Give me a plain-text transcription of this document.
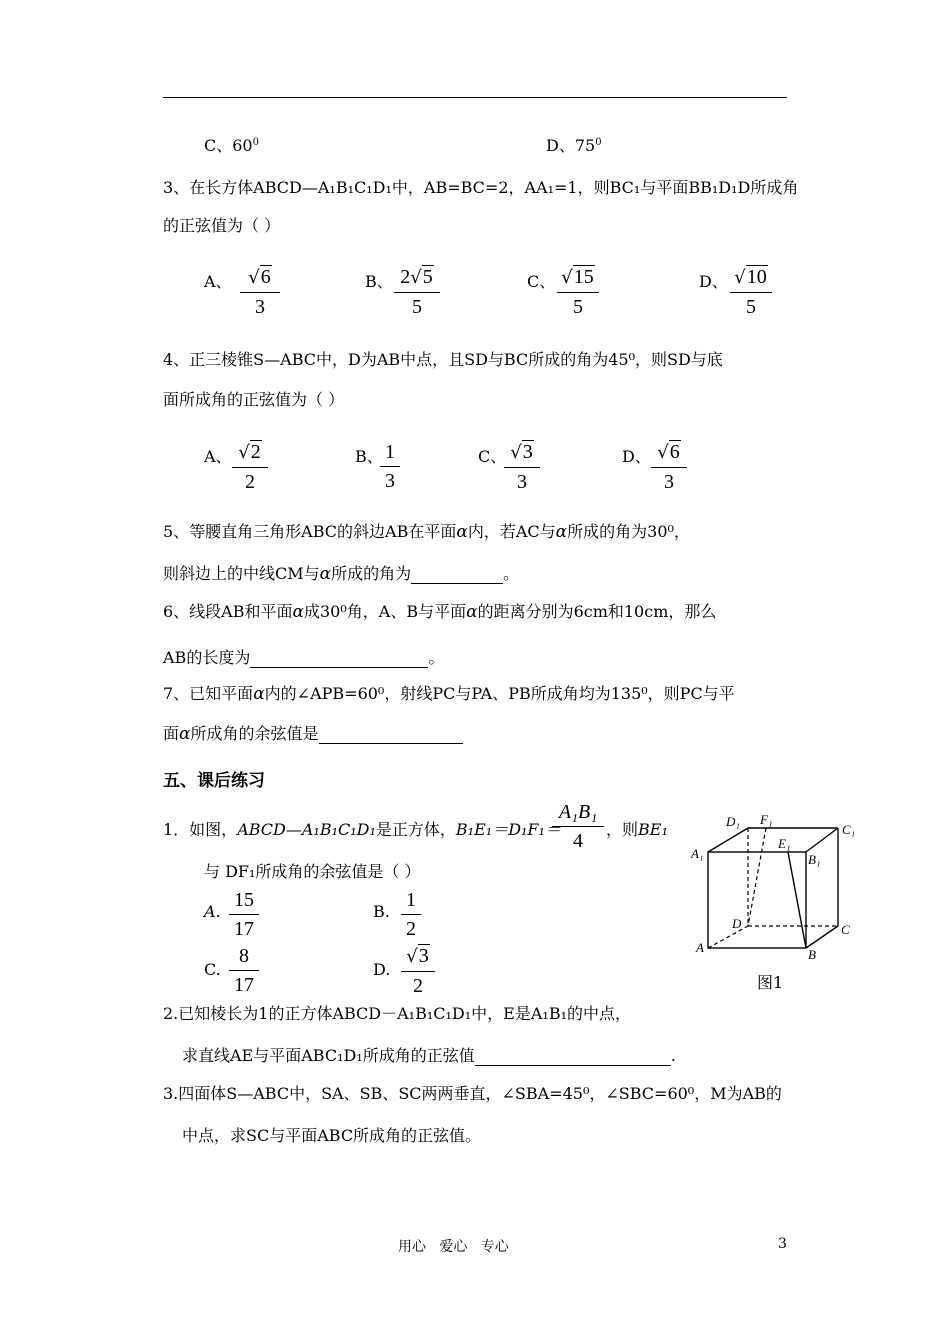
C、$60^0$	D、$75^0$
3、在长方体ABCD—A₁B₁C₁D₁中，AB=BC=2，AA₁=1，则BC₁与平面BB₁D₁D所成角
的正弦值为（ ）
A、 √6
3
B、 2√5
5
C、 √15
5
D、 √10
5
4、正三棱锥S—ABC中，D为AB中点，且SD与BC所成的角为45⁰，则SD与底
面所成角的正弦值为（ ）
A、 √2
2
B、 1
3
C、 √3
3
D、 √6
3
5、等腰直角三角形ABC的斜边AB在平面α内，若AC与α所成的角为30⁰，
则斜边上的中线CM与α所成的角为	。
6、线段AB和平面α成30⁰角，A、B与平面α的距离分别为6cm和10cm，那么
AB的长度为	。
7、已知平面α内的∠APB=60⁰，射线PC与PA、PB所成角均为135⁰，则PC与平
面α所成角的余弦值是
五、课后练习
1．如图，ABCD—A₁B₁C₁D₁是正方体，B₁E₁＝D₁F₁＝
A₁B₁
4
，则BE₁
与 DF₁所成角的余弦值是（ ）
A.
15
17
B.
1
2
C.
8
17
D.
√3
2
D₁ F₁
C₁
E₁
A₁	B₁
D	C
A	B
图1
2.已知棱长为1的正方体ABCD－A₁B₁C₁D₁中，E是A₁B₁的中点，
求直线AE与平面ABC₁D₁所成角的正弦值	.
3.四面体S—ABC中，SA、SB、SC两两垂直，∠SBA=45⁰，∠SBC=60⁰，M为AB的
中点，求SC与平面ABC所成角的正弦值。
用心   爱心   专心	3
